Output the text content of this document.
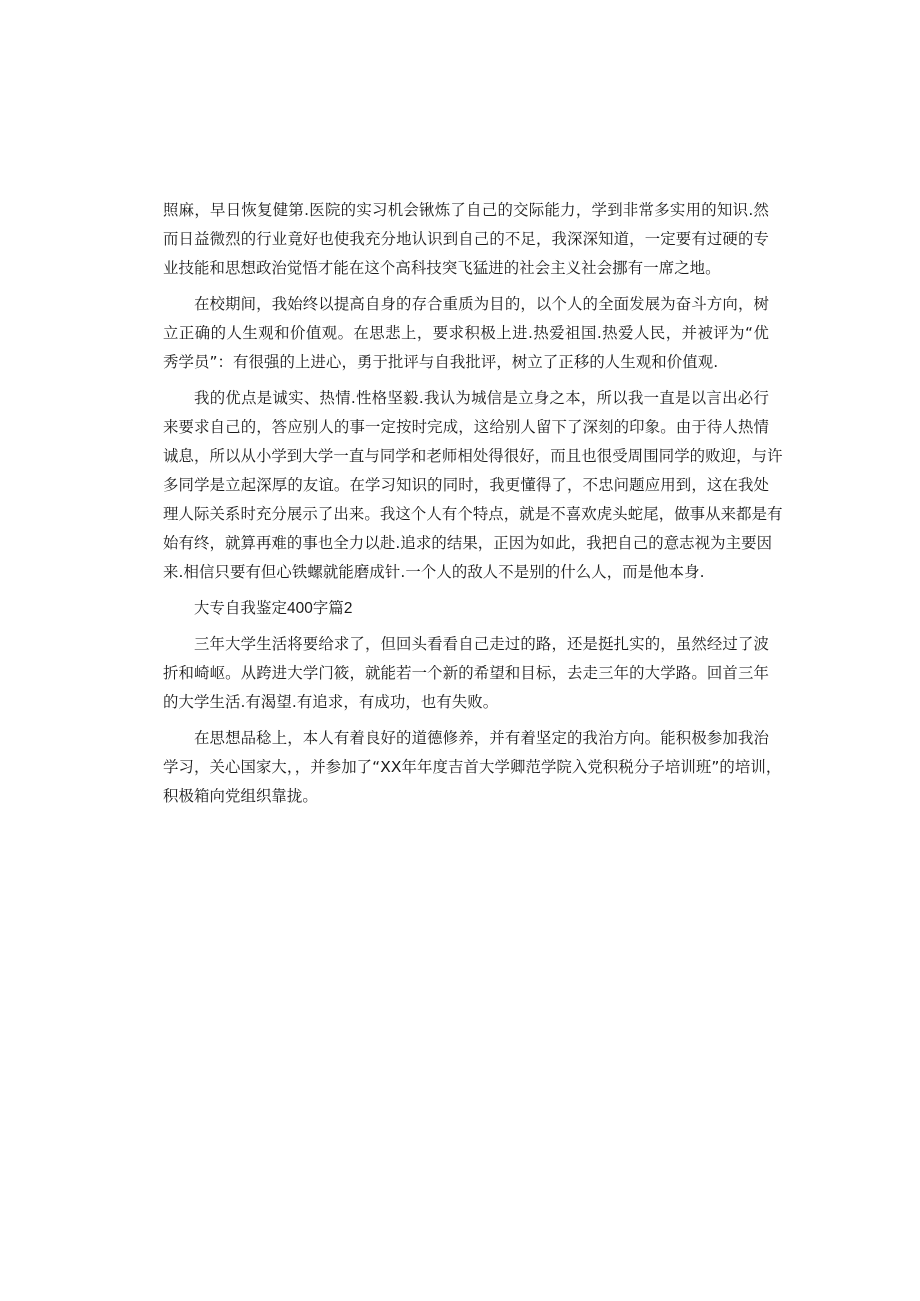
照麻，早日恢复健第.医院的实习机会锹炼了自己的交际能力，学到非常多实用的知识.然
而日益微烈的行业竟好也使我充分地认识到自己的不足，我深深知道，一定要有过硬的专
业技能和思想政治觉悟才能在这个高科技突飞猛进的社会主义社会挪有一席之地。
在校期间，我始终以提高自身的存合重质为目的，以个人的全面发展为奋斗方向，树
立正确的人生观和价值观。在思悲上，要求积极上进.热爱祖国.热爱人民，并被评为“优
秀学员”：有很强的上进心，勇于批评与自我批评，树立了正移的人生观和价值观.
我的优点是诚实、热情.性格坚毅.我认为城信是立身之本，所以我一直是以言出必行
来要求自己的，答应别人的事一定按时完成，这给别人留下了深刻的印象。由于待人热情
诚息，所以从小学到大学一直与同学和老师相处得很好，而且也很受周围同学的败迎，与许
多同学是立起深厚的友谊。在学习知识的同时，我更懂得了，不忠问题应用到，这在我处
理人际关系时充分展示了出来。我这个人有个特点，就是不喜欢虎头蛇尾，做事从来都是有
始有终，就算再难的事也全力以赴.追求的结果，正因为如此，我把自己的意志视为主要因
来.相信只要有但心铁螺就能磨成针.一个人的敌人不是别的什么人，而是他本身.
大专自我鉴定400字篇2
三年大学生活将要给求了，但回头看看自己走过的路，还是挺扎实的，虽然经过了波
折和崎岖。从跨进大学门筱，就能若一个新的希望和目标，去走三年的大学路。回首三年
的大学生活.有渴望.有追求，有成功，也有失败。
在思想品稔上，本人有着良好的道德修养，并有着坚定的我治方向。能积极参加我治
学习，关心国家大，，并参加了“XX年年度吉首大学卿范学院入党积税分子培训班”的培训，
积极箱向党组织靠拢。
